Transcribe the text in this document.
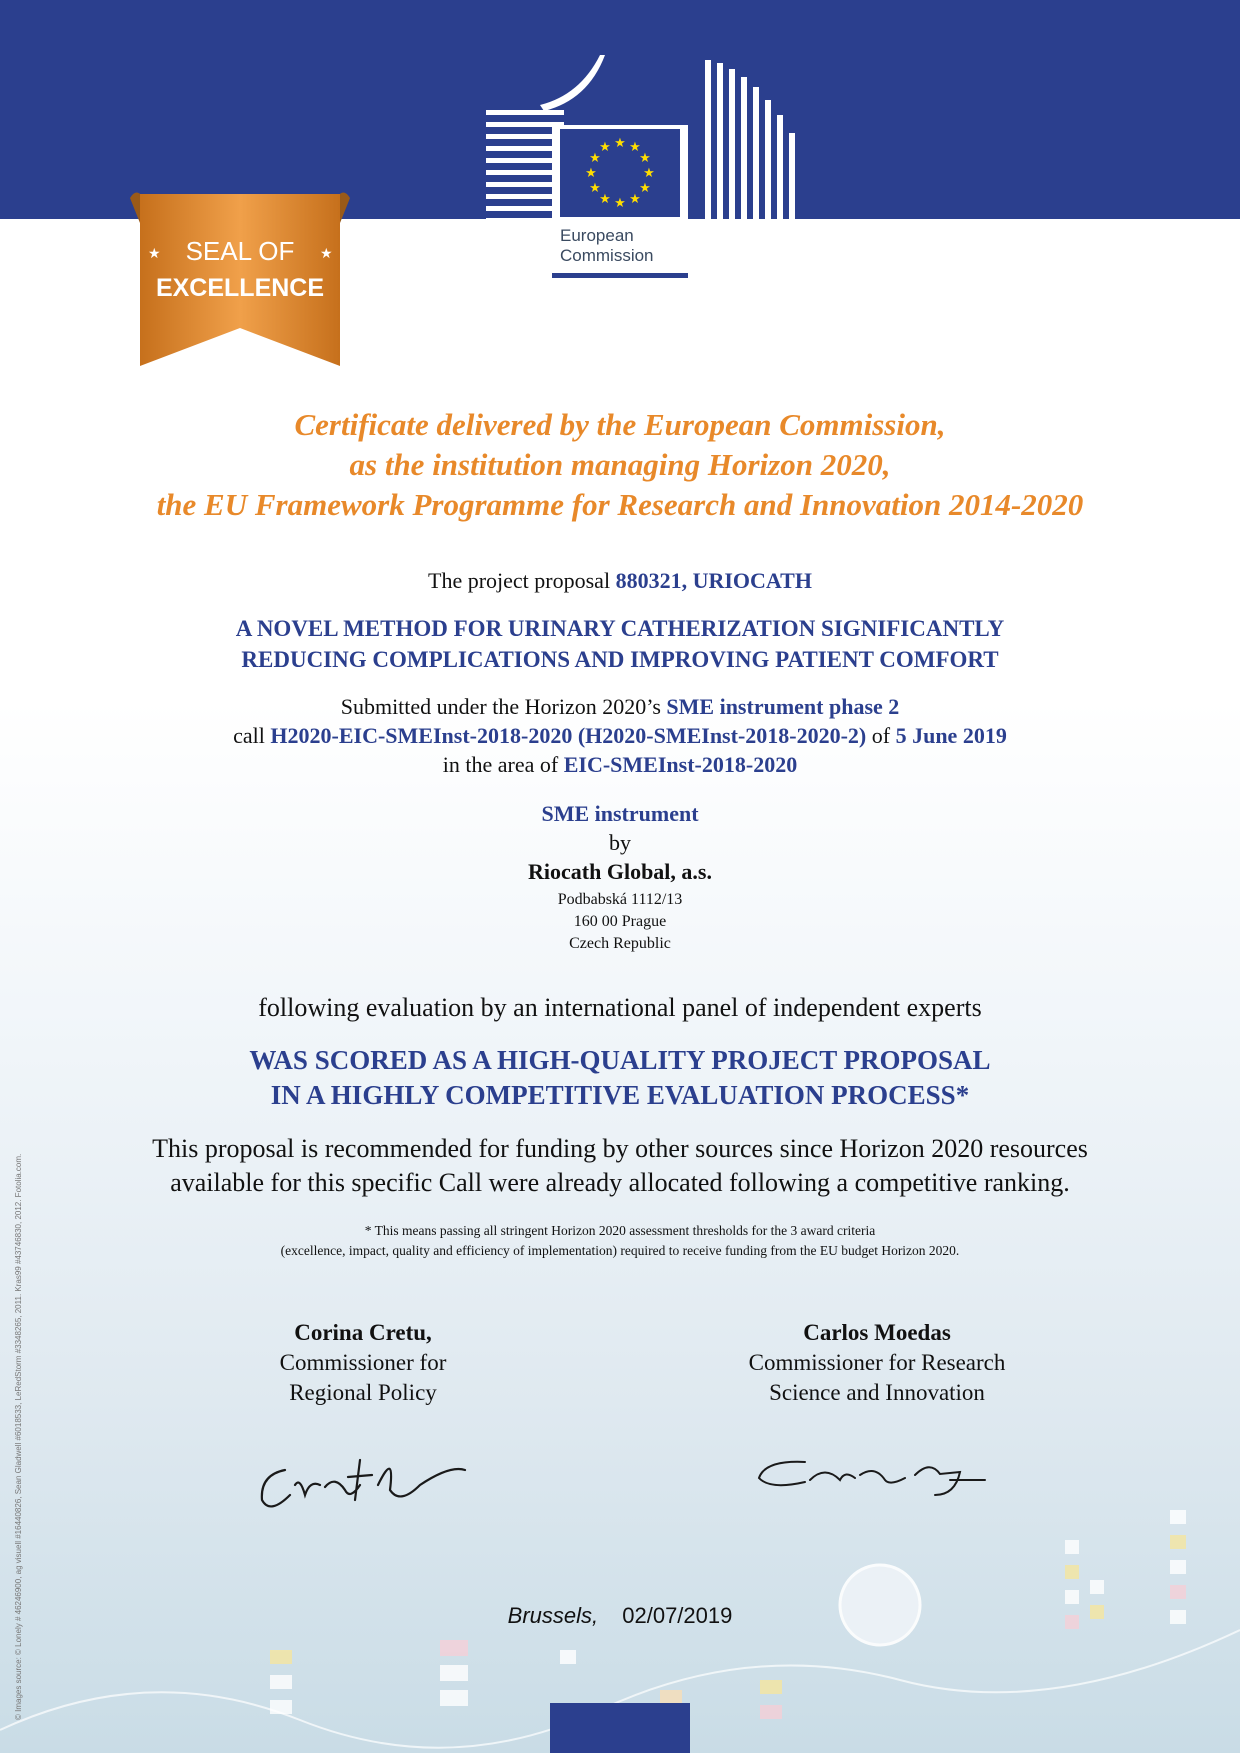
★ ★
★
★
★
★
★
★
★
★
★
★
European
Commission
★	★
SEAL OF
EXCELLENCE
Certificate delivered by the European Commission,
as the institution managing Horizon 2020,
the EU Framework Programme for Research and Innovation 2014-2020
The project proposal 880321, URIOCATH
A NOVEL METHOD FOR URINARY CATHERIZATION SIGNIFICANTLY
REDUCING COMPLICATIONS AND IMPROVING PATIENT COMFORT
Submitted under the Horizon 2020’s SME instrument phase 2
call H2020-EIC-SMEInst-2018-2020 (H2020-SMEInst-2018-2020-2) of 5 June 2019
in the area of EIC-SMEInst-2018-2020
SME instrument
by
Riocath Global, a.s.
Podbabská 1112/13
160 00 Prague
Czech Republic
following evaluation by an international panel of independent experts
WAS SCORED AS A HIGH-QUALITY PROJECT PROPOSAL
IN A HIGHLY COMPETITIVE EVALUATION PROCESS*
This proposal is recommended for funding by other sources since Horizon 2020 resources
available for this specific Call were already allocated following a competitive ranking.
* This means passing all stringent Horizon 2020 assessment thresholds for the 3 award criteria
(excellence, impact, quality and efficiency of implementation) required to receive funding from the EU budget Horizon 2020.
Corina Cretu,
Commissioner for
Regional Policy
Carlos Moedas
Commissioner for Research
Science and Innovation
Brussels, 02/07/2019
© Images source: © Lonely # 46246900, ag visuell #16440826, Sean Gladwell #6018533, LeRedStorm #3348265, 2011. Kras99 #43746830, 2012. Fotolia.com.
